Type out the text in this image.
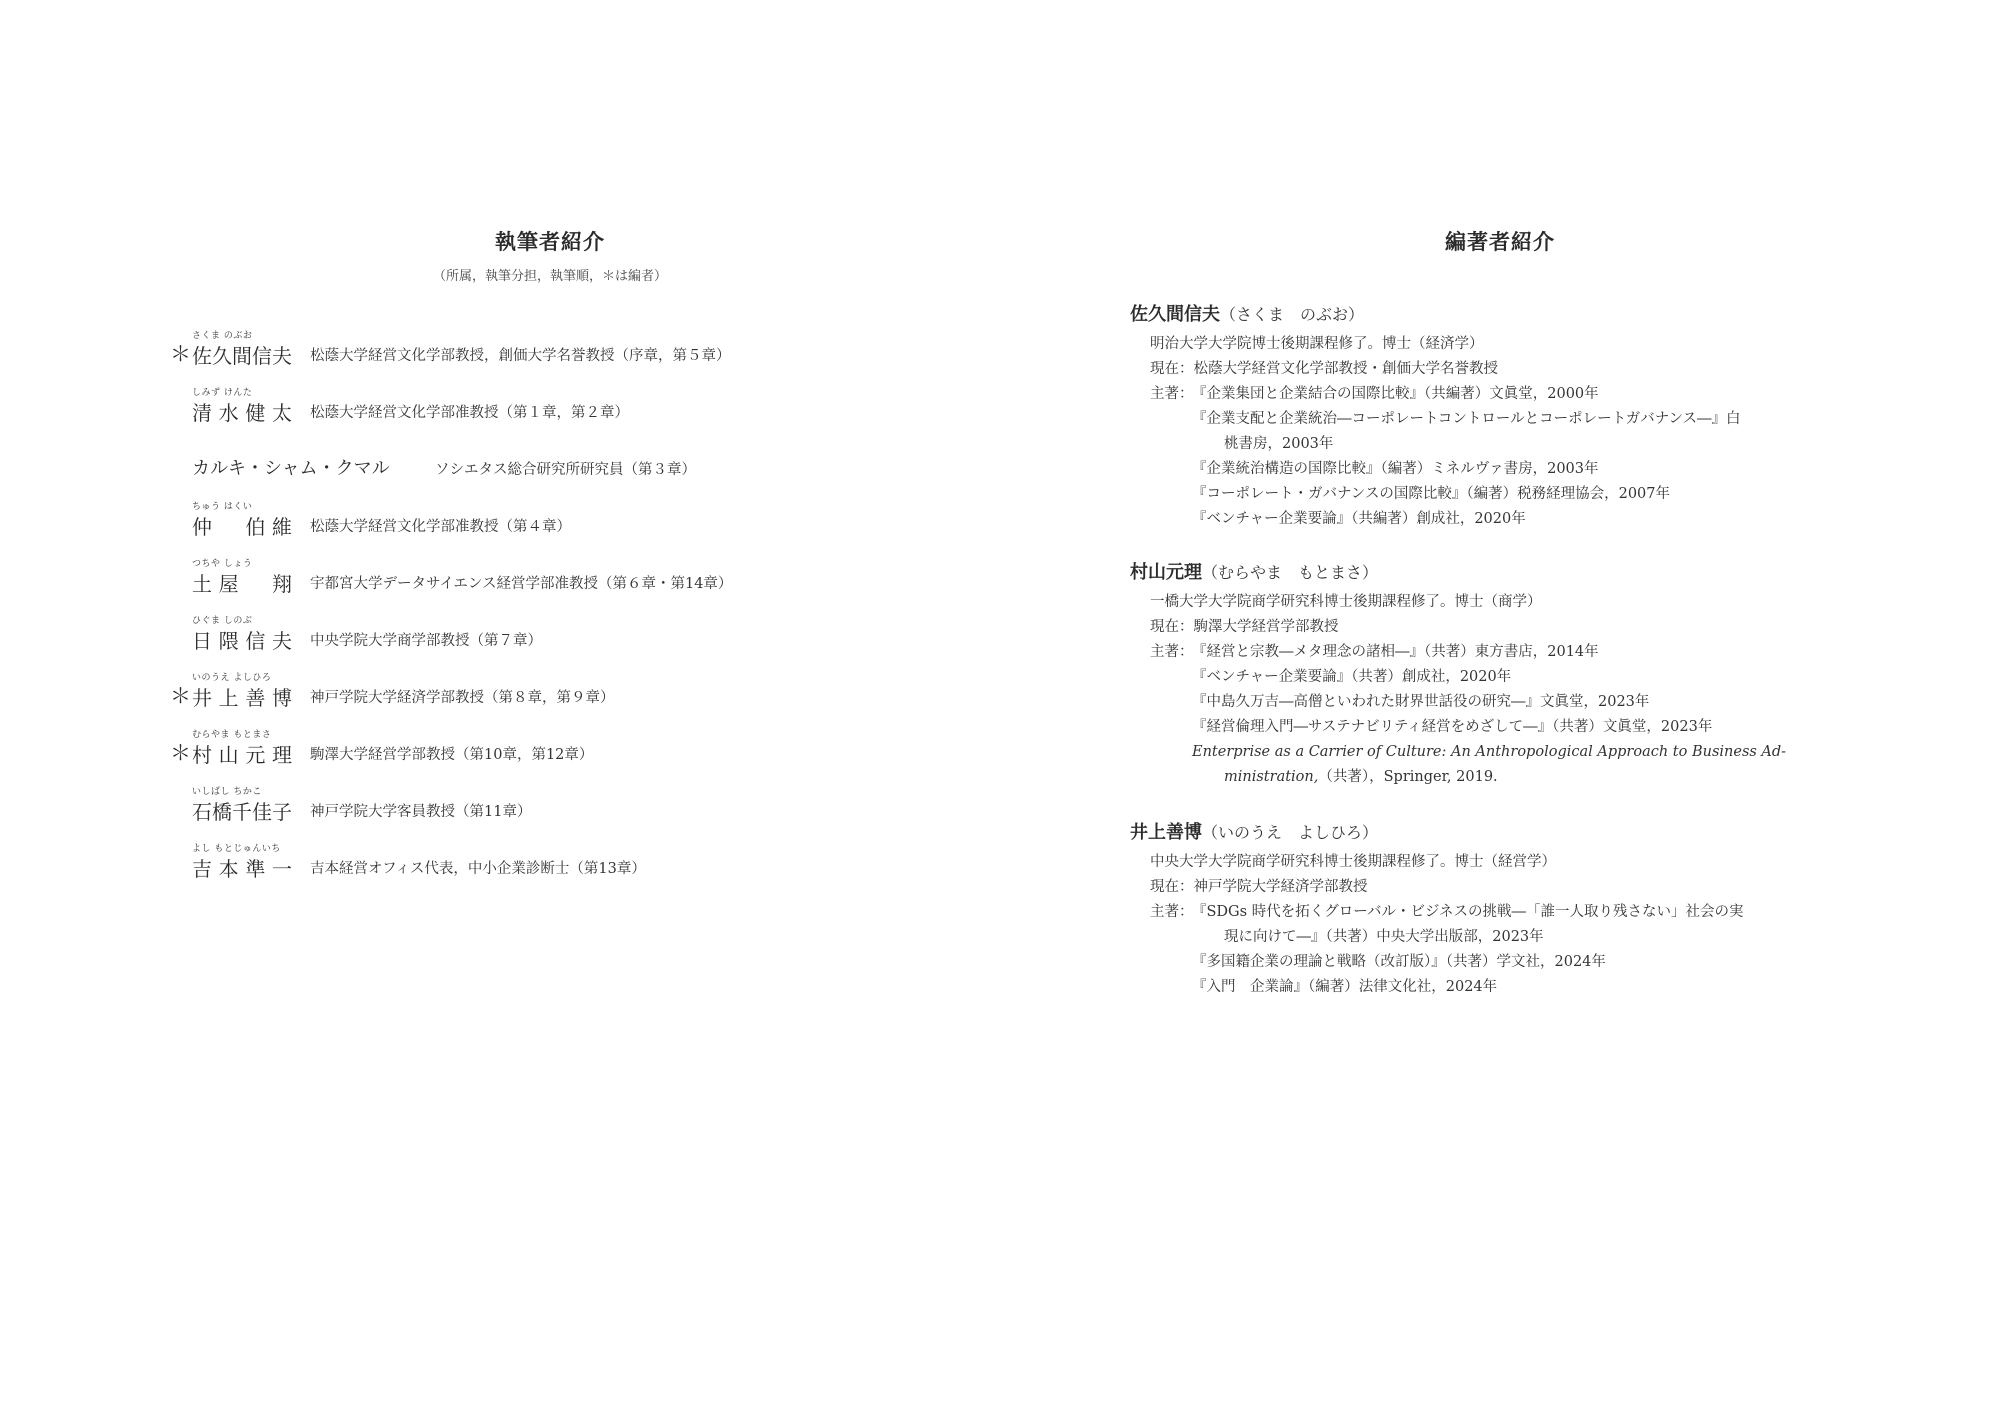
執筆者紹介
（所属，執筆分担，執筆順，＊は編者）
＊
さくま のぶお
佐久間信夫 松蔭大学経営文化学部教授，創価大学名誉教授（序章，第５章）
しみず けんた
清水健太 松蔭大学経営文化学部准教授（第１章，第２章）
カルキ・シャム・クマル	ソシエタス総合研究所研究員（第３章）
ちゅう はくい
仲　伯維 松蔭大学経営文化学部准教授（第４章）
つちや しょう
土屋　翔 宇都宮大学データサイエンス経営学部准教授（第６章・第14章）
ひぐま しのぶ
日隈信夫 中央学院大学商学部教授（第７章）
＊
いのうえ よしひろ
井上善博 神戸学院大学経済学部教授（第８章，第９章）
＊
むらやま もとまさ
村山元理 駒澤大学経営学部教授（第10章，第12章）
いしばし ちかこ
石橋千佳子 神戸学院大学客員教授（第11章）
よし もとじゅんいち
吉本準一 吉本経営オフィス代表，中小企業診断士（第13章）
編著者紹介
佐久間信夫（さくま　のぶお）
明治大学大学院博士後期課程修了。博士（経済学）
現在：松蔭大学経営文化学部教授・創価大学名誉教授
主著：
『企業集団と企業結合の国際比較』（共編著）文眞堂，2000年
『企業支配と企業統治―コーポレートコントロールとコーポレートガバナンス―』白
桃書房，2003年
『企業統治構造の国際比較』（編著）ミネルヴァ書房，2003年
『コーポレート・ガバナンスの国際比較』（編著）税務経理協会，2007年
『ベンチャー企業要論』（共編著）創成社，2020年
村山元理（むらやま　もとまさ）
一橋大学大学院商学研究科博士後期課程修了。博士（商学）
現在：駒澤大学経営学部教授
主著：
『経営と宗教―メタ理念の諸相―』（共著）東方書店，2014年
『ベンチャー企業要論』（共著）創成社，2020年
『中島久万吉―高僧といわれた財界世話役の研究―』文眞堂，2023年
『経営倫理入門―サステナビリティ経営をめざして―』（共著）文眞堂，2023年
Enterprise as a Carrier of Culture: An Anthropological Approach to Business Ad-
ministration,（共著），Springer, 2019.
井上善博（いのうえ　よしひろ）
中央大学大学院商学研究科博士後期課程修了。博士（経営学）
現在：神戸学院大学経済学部教授
主著：
『SDGs 時代を拓くグローバル・ビジネスの挑戦―「誰一人取り残さない」社会の実
現に向けて―』（共著）中央大学出版部，2023年
『多国籍企業の理論と戦略（改訂版）』（共著）学文社，2024年
『入門　企業論』（編著）法律文化社，2024年
